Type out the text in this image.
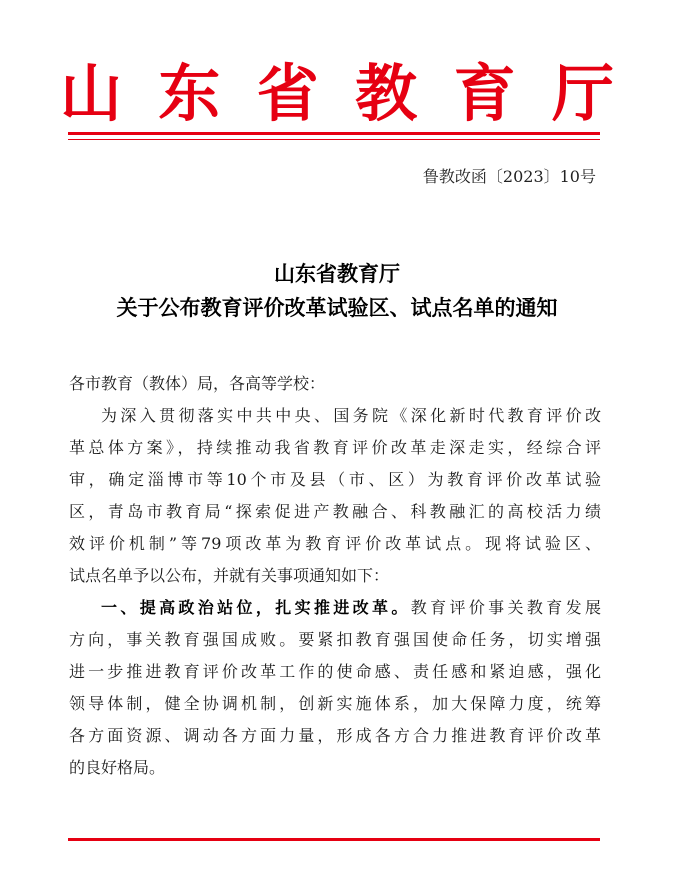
山 东 省 教 育 厅
鲁教改函〔2023〕10号
山东省教育厅
关于公布教育评价改革试验区、试点名单的通知
各市教育（教体）局，各高等学校：
为深入贯彻落实中共中央、国务院《深化新时代教育评价改
革总体方案》，持续推动我省教育评价改革走深走实，经综合评
审，确定淄博市等10个市及县（市、区）为教育评价改革试验
区，青岛市教育局“探索促进产教融合、科教融汇的高校活力绩
效评价机制”等79项改革为教育评价改革试点。现将试验区、
试点名单予以公布，并就有关事项通知如下：
一、提高政治站位，扎实推进改革。教育评价事关教育发展
方向，事关教育强国成败。要紧扣教育强国使命任务，切实增强
进一步推进教育评价改革工作的使命感、责任感和紧迫感，强化
领导体制，健全协调机制，创新实施体系，加大保障力度，统筹
各方面资源、调动各方面力量，形成各方合力推进教育评价改革
的良好格局。
